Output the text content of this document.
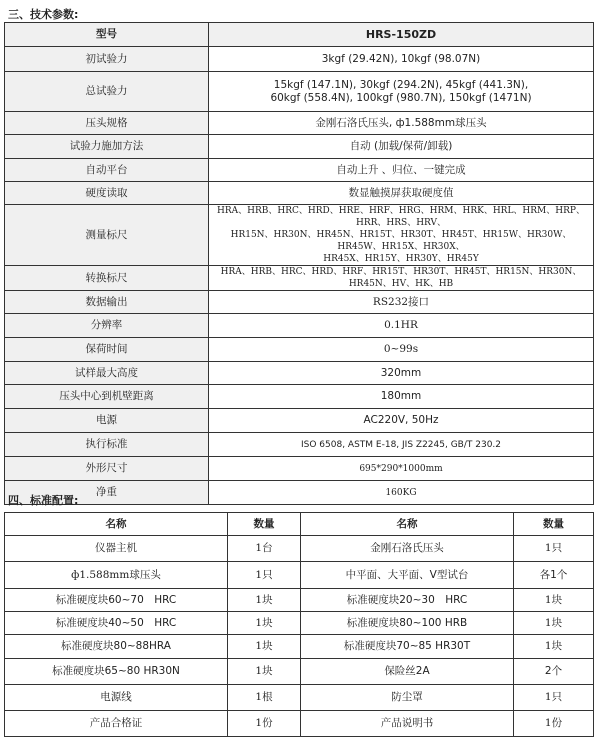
三、技术参数:
型号	HRS-150ZD
初试验力	3kgf (29.42N), 10kgf (98.07N)
总试验力	15kgf (147.1N), 30kgf (294.2N), 45kgf (441.3N),
60kgf (558.4N), 100kgf (980.7N), 150kgf (1471N)

压头规格	金刚石洛氏压头, ф1.588mm球压头
试验力施加方法	自动 (加载/保荷/卸载)
自动平台	自动上升 、归位、一键完成
硬度读取	数显触摸屏获取硬度值
测量标尺	HRA、HRB、HRC、HRD、HRE、HRF、HRG、HRM、HRK、HRL、HRM、HRP、HRR、HRS、HRV、
HR15N、HR30N、HR45N、HR15T、HR30T、HR45T、HR15W、HR30W、HR45W、HR15X、HR30X、
HR45X、HR15Y、HR30Y、HR45Y

转换标尺	HRA、HRB、HRC、HRD、HRF、HR15T、HR30T、HR45T、HR15N、HR30N、HR45N、HV、HK、HB
数据输出	RS232接口
分辨率	0.1HR
保荷时间	0~99s
试样最大高度	320mm
压头中心到机壁距离	180mm
电源	AC220V, 50Hz
执行标准	ISO 6508, ASTM E-18, JIS Z2245, GB/T 230.2
外形尺寸	695*290*1000mm
净重	160KG
四、标准配置:
名称	数量	名称	数量
仪器主机	1台	金刚石洛氏压头	1只
ф1.588mm球压头	1只	中平面、大平面、V型试台	各1个
标准硬度块60~70　HRC	1块	标准硬度块20~30　HRC	1块
标准硬度块40~50　HRC	1块	标准硬度块80~100 HRB	1块
标准硬度块80~88HRA	1块	标准硬度块70~85 HR30T	1块
标准硬度块65~80 HR30N	1块	保险丝2A	2个
电源线	1根	防尘罩	1只
产品合格证	1份	产品说明书	1份
